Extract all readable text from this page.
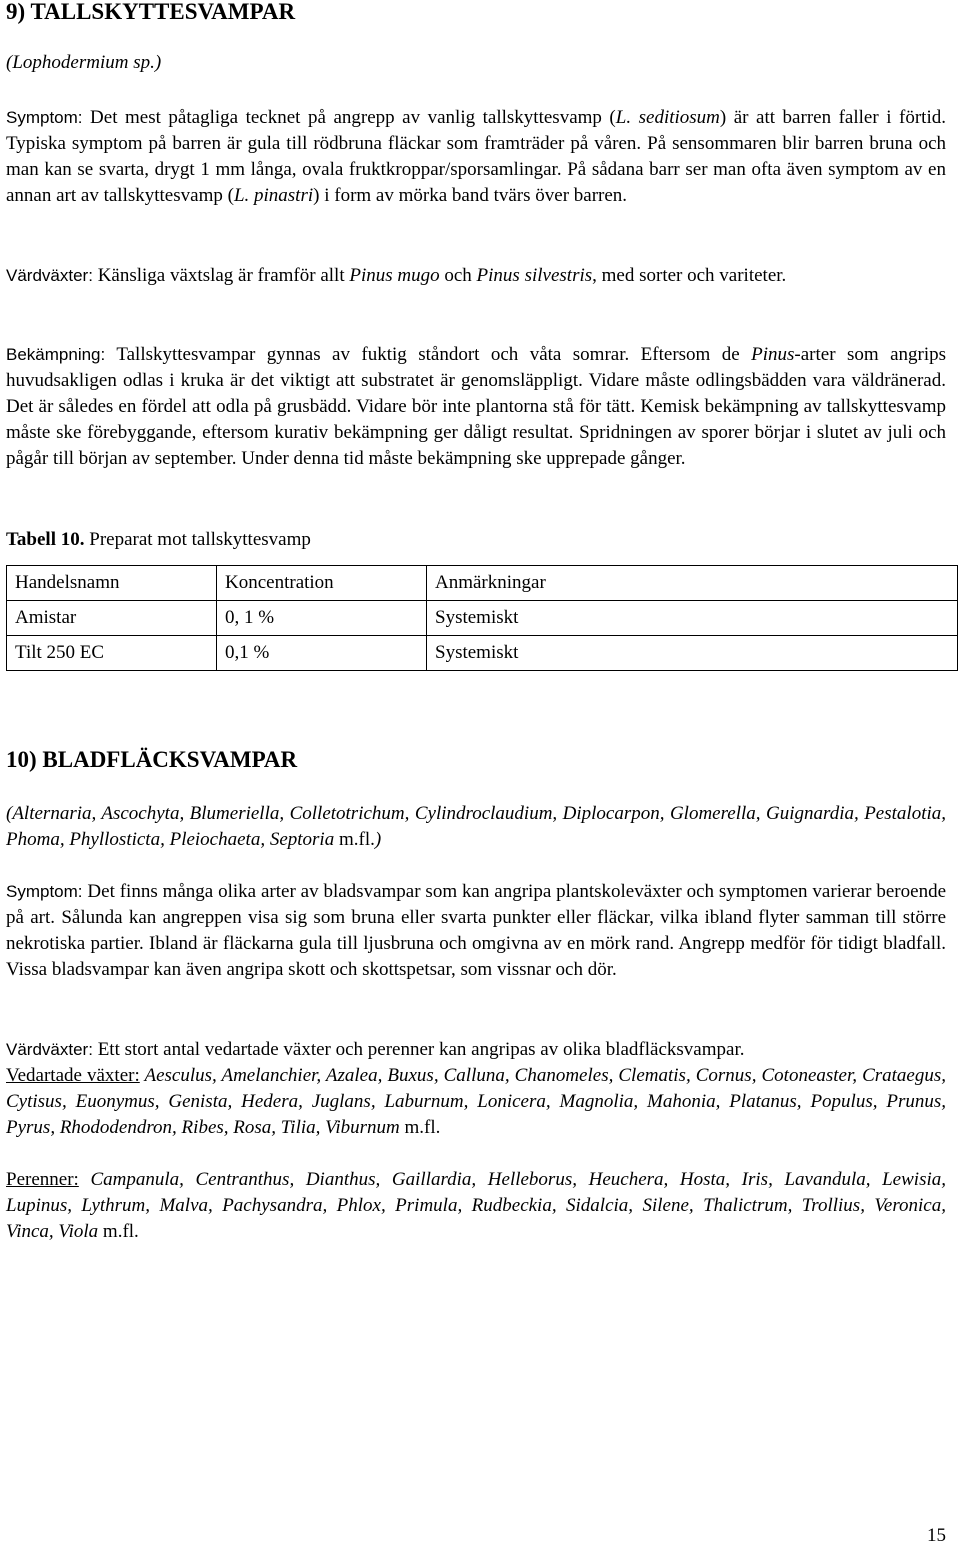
9) TALLSKYTTESVAMPAR

(Lophodermium sp.)

Symptom: Det mest påtagliga tecknet på angrepp av vanlig tallskyttesvamp (L. seditiosum) är att barren faller i förtid. Typiska symptom på barren är gula till rödbruna fläckar som framträder på våren. På sensommaren blir barren bruna och man kan se svarta, drygt 1 mm långa, ovala fruktkroppar/sporsamlingar. På sådana barr ser man ofta även symptom av en annan art av tallskyttesvamp (L. pinastri) i form av mörka band tvärs över barren.

Värdväxter: Känsliga växtslag är framför allt Pinus mugo och Pinus silvestris, med sorter och variteter.

Bekämpning: Tallskyttesvampar gynnas av fuktig ståndort och våta somrar. Eftersom de Pinus-arter som angrips huvudsakligen odlas i kruka är det viktigt att substratet är genomsläppligt. Vidare måste odlingsbädden vara väldränerad. Det är således en fördel att odla på grusbädd. Vidare bör inte plantorna stå för tätt. Kemisk bekämpning av tallskyttesvamp måste ske förebyggande, eftersom kurativ bekämpning ger dåligt resultat. Spridningen av sporer börjar i slutet av juli och pågår till början av september. Under denna tid måste bekämpning ske upprepade gånger.

Tabell 10. Preparat mot tallskyttesvamp

Handelsnamn	Koncentration	Anmärkningar
Amistar	0, 1 %	Systemiskt
Tilt 250 EC	0,1 %	Systemiskt
10) BLADFLÄCKSVAMPAR

(Alternaria, Ascochyta, Blumeriella, Colletotrichum, Cylindroclaudium, Diplocarpon, Glomerella, Guignardia, Pestalotia, Phoma, Phyllosticta, Pleiochaeta, Septoria m.fl.)

Symptom: Det finns många olika arter av bladsvampar som kan angripa plantskoleväxter och symptomen varierar beroende på art. Sålunda kan angreppen visa sig som bruna eller svarta punkter eller fläckar, vilka ibland flyter samman till större nekrotiska partier. Ibland är fläckarna gula till ljusbruna och omgivna av en mörk rand. Angrepp medför för tidigt bladfall. Vissa bladsvampar kan även angripa skott och skottspetsar, som vissnar och dör.

Värdväxter: Ett stort antal vedartade växter och perenner kan angripas av olika bladfläcksvampar.

Vedartade växter: Aesculus, Amelanchier, Azalea, Buxus, Calluna, Chanomeles, Clematis, Cornus, Cotoneaster, Crataegus, Cytisus, Euonymus, Genista, Hedera, Juglans, Laburnum, Lonicera, Magnolia, Mahonia, Platanus, Populus, Prunus, Pyrus, Rhododendron, Ribes, Rosa, Tilia, Viburnum m.fl.

Perenner: Campanula, Centranthus, Dianthus, Gaillardia, Helleborus, Heuchera, Hosta, Iris, Lavandula, Lewisia, Lupinus, Lythrum, Malva, Pachysandra, Phlox, Primula, Rudbeckia, Sidalcia, Silene, Thalictrum, Trollius, Veronica, Vinca, Viola m.fl.

15
